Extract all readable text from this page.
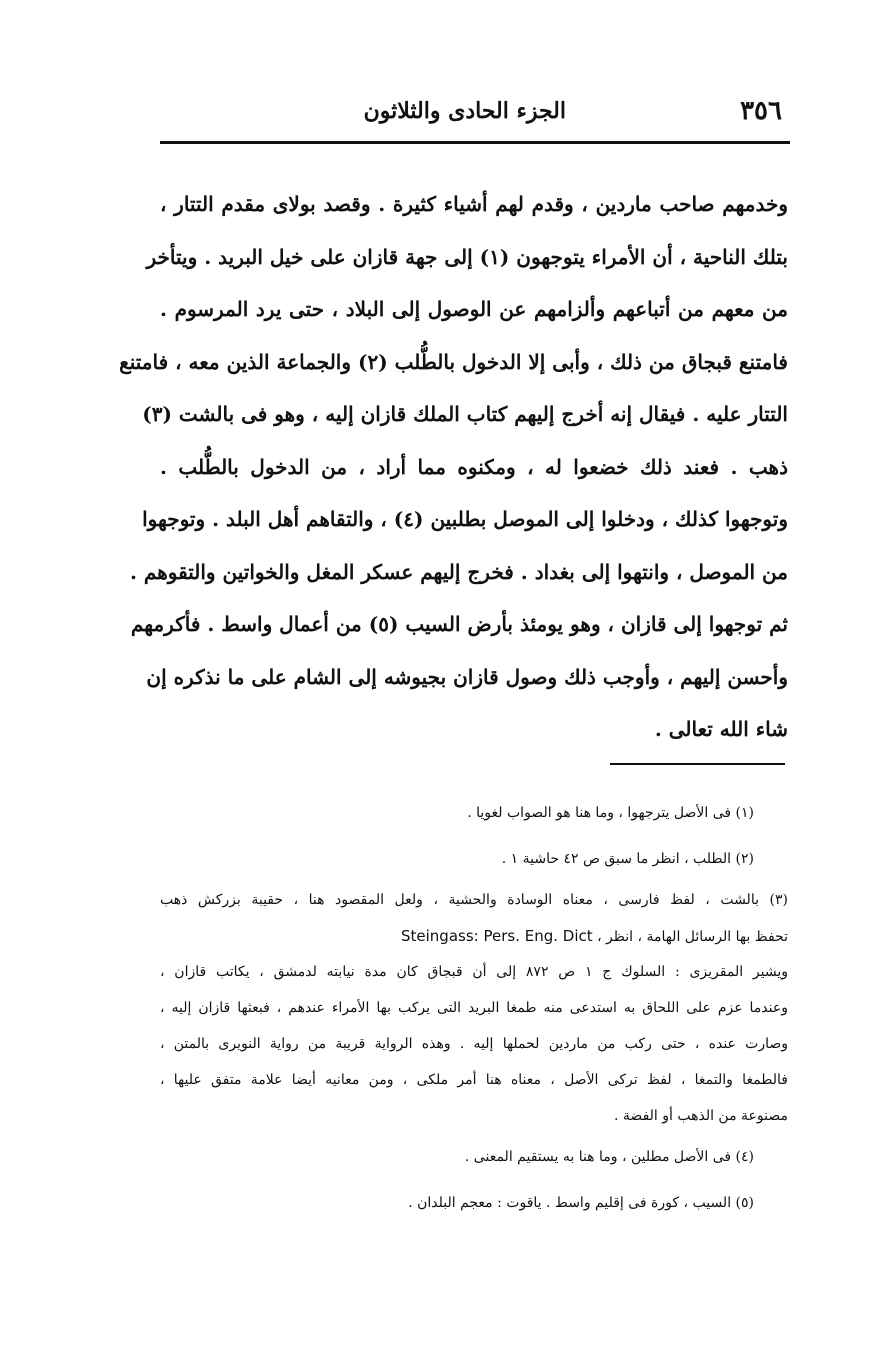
٣٥٦
الجزء الحادى والثلاثون
وخدمهم صاحب ماردين ، وقدم لهم أشياء كثيرة . وقصد بولاى مقدم التتار ،
بتلك الناحية ، أن الأمراء يتوجهون (١) إلى جهة قازان على خيل البريد . ويتأخر
من معهم من أتباعهم وألزامهم عن الوصول إلى البلاد ، حتى يرد المرسوم .
فامتنع قبجاق من ذلك ، وأبى إلا الدخول بالطُّلب (٢) والجماعة الذين معه ، فامتنع
التتار عليه . فيقال إنه أخرج إليهم كتاب الملك قازان إليه ، وهو فى بالشت (٣)
ذهب . فعند ذلك خضعوا له ، ومكنوه مما أراد ، من الدخول بالطُّلب .
وتوجهوا كذلك ، ودخلوا إلى الموصل بطلبين (٤) ، والتقاهم أهل البلد . وتوجهوا
من الموصل ، وانتهوا إلى بغداد . فخرج إليهم عسكر المغل والخواتين والتقوهم .
ثم توجهوا إلى قازان ، وهو يومئذ بأرض السيب (٥) من أعمال واسط . فأكرمهم
وأحسن إليهم ، وأوجب ذلك وصول قازان بجيوشه إلى الشام على ما نذكره إن
شاء الله تعالى .
(١) فى الأصل يترجهوا ، وما هنا هو الصواب لغويا .
(٢) الطلب ، انظر ما سبق ص ٤٢ حاشية ١ .
(٣) بالشت ، لفظ فارسى ، معناه الوسادة والحشية ، ولعل المقصود هنا ، حقيبة بزركش ذهب
تحفظ بها الرسائل الهامة ، انظر ، Steingass: Pers. Eng. Dict
ويشير المقريزى : السلوك ج ١ ص ٨٧٢ إلى أن قبجاق كان مدة نيابته لدمشق ، يكاتب قازان ،
وعندما عزم على اللحاق به استدعى منه طمغا البريد التى يركب بها الأمراء عندهم ، فبعثها قازان إليه ،
وصارت عنده ، حتى ركب من ماردين لحملها إليه . وهذه الرواية قريبة من رواية النويرى بالمتن ،
فالطمغا والتمغا ، لفظ تركى الأصل ، معناه هنا أمر ملكى ، ومن معانيه أيضا علامة متفق عليها ،
مصنوعة من الذهب أو الفضة .
(٤) فى الأصل مطلين ، وما هنا به يستقيم المعنى .
(٥) السيب ، كورة فى إقليم واسط . ياقوت : معجم البلدان .
